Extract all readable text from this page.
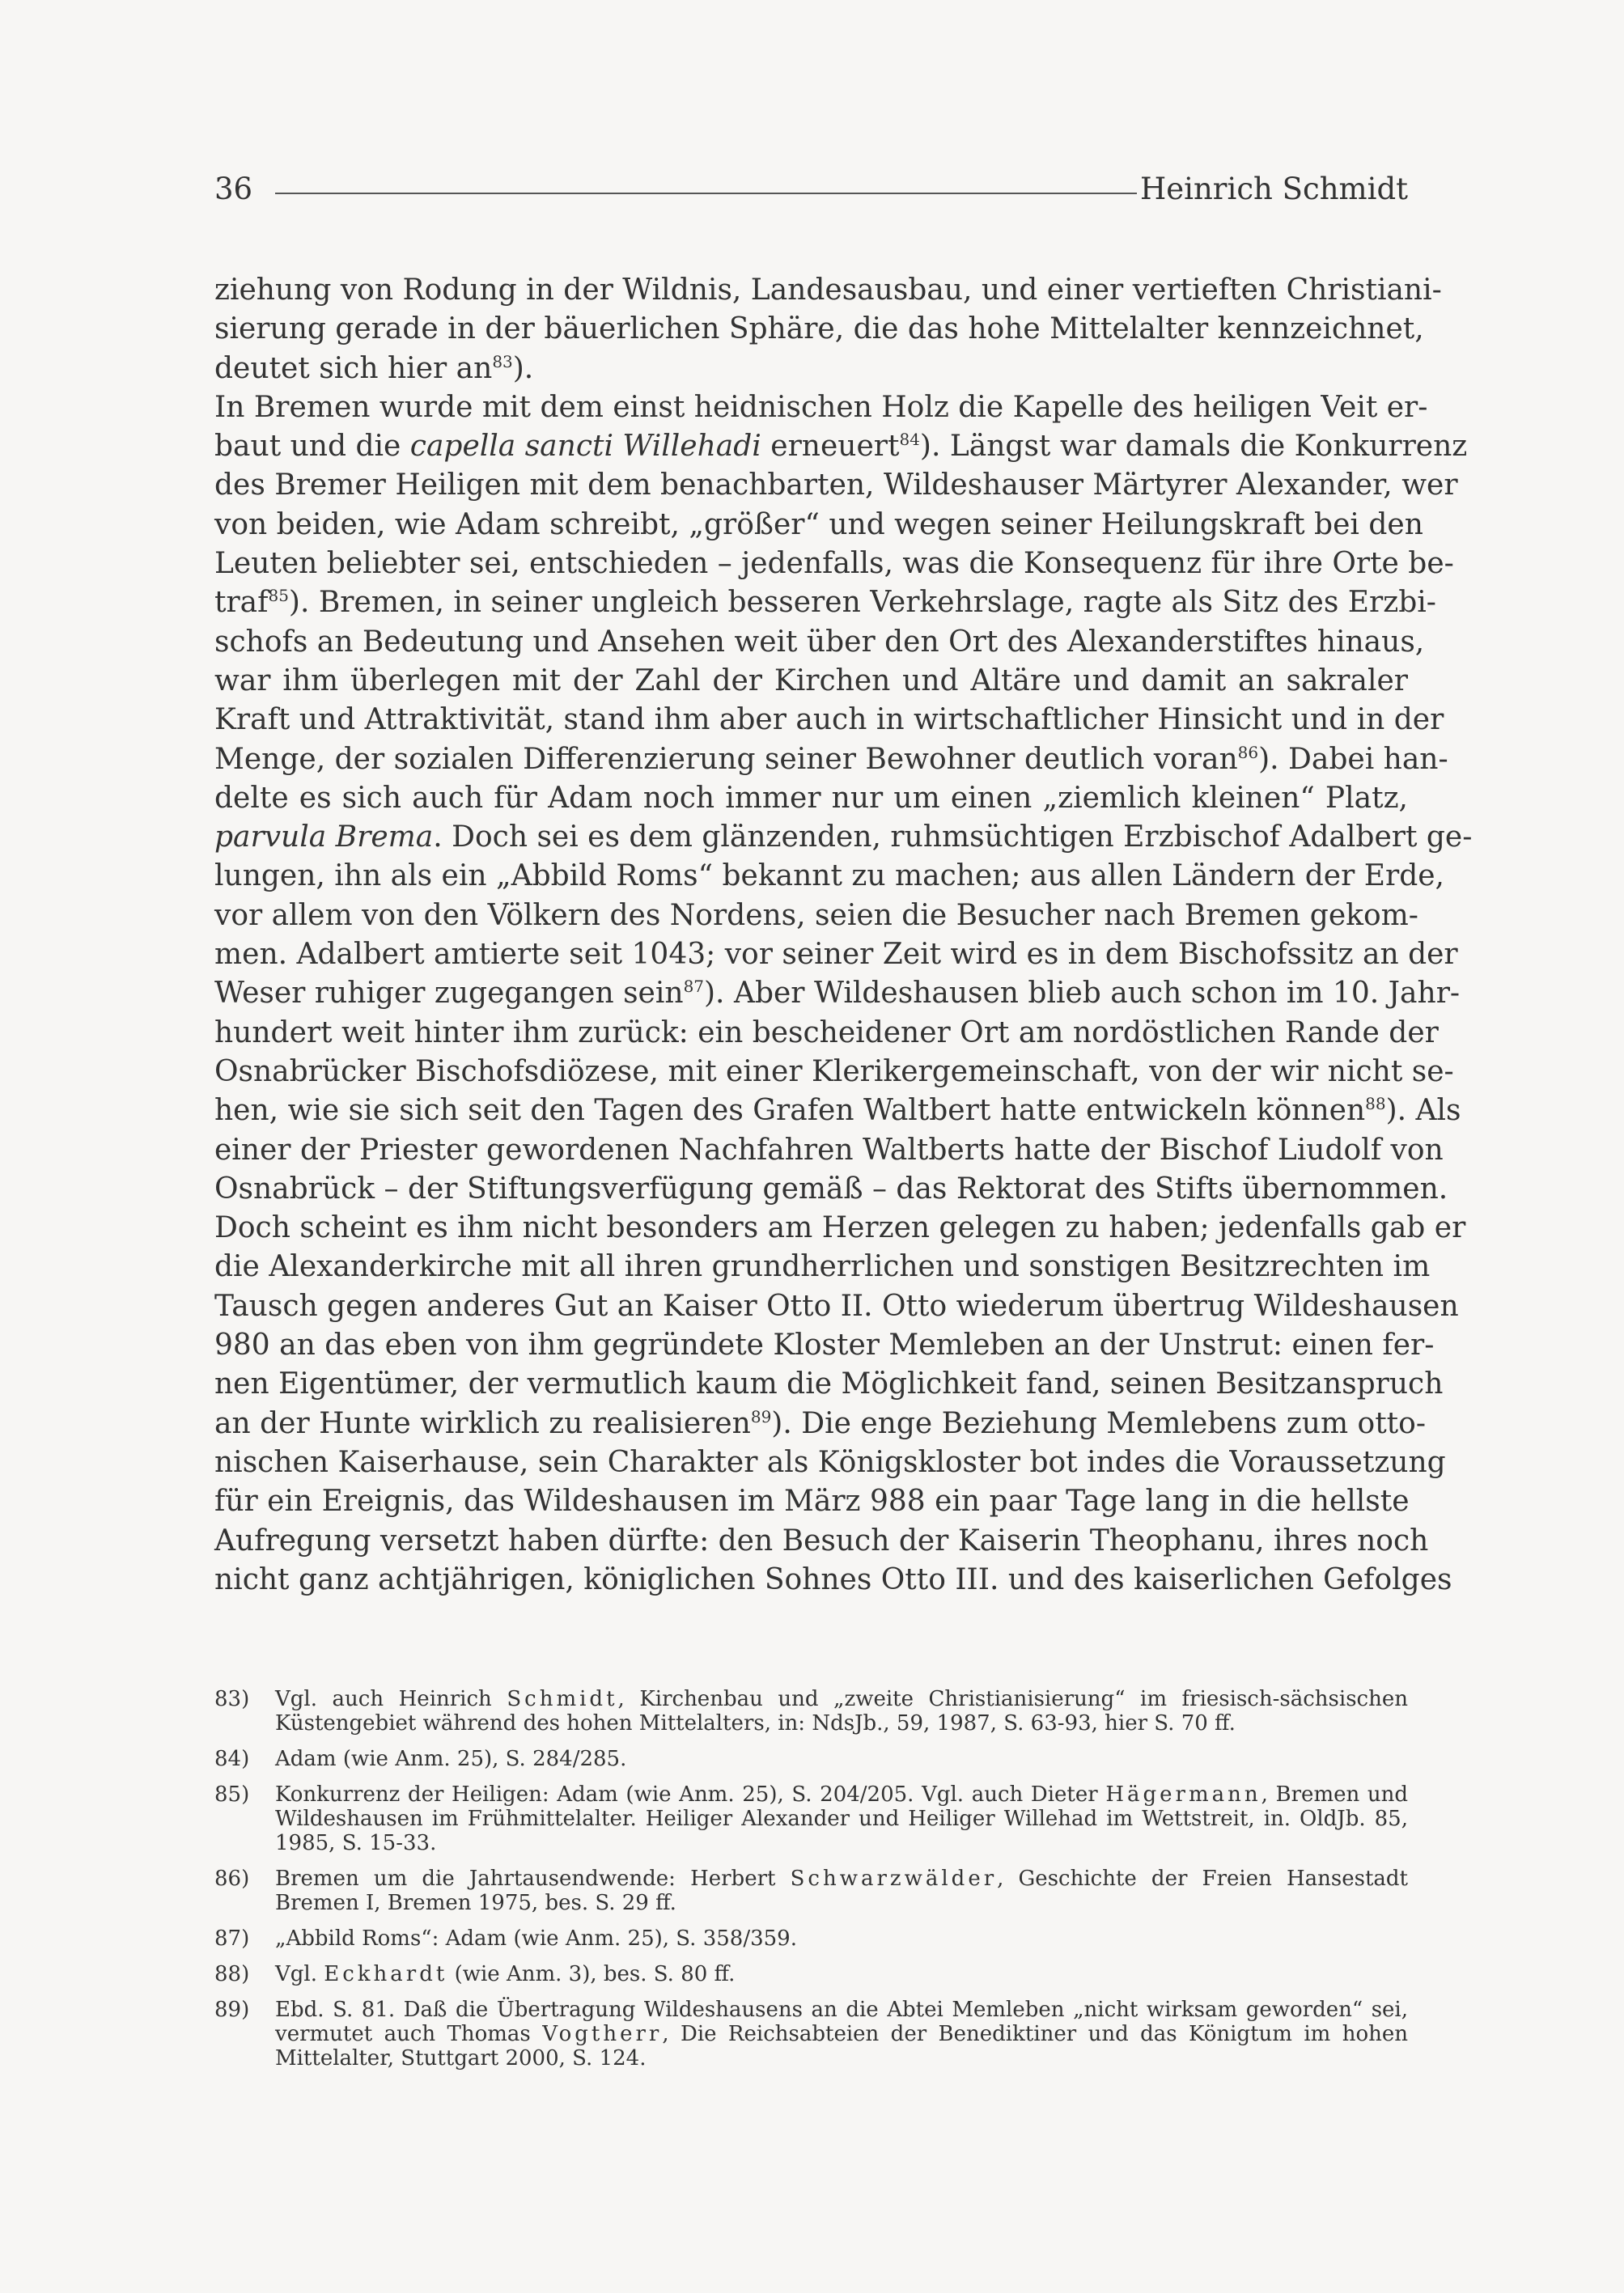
36	Heinrich Schmidt

ziehung von Rodung in der Wildnis, Landesausbau, und einer vertieften Christiani-
sierung gerade in der bäuerlichen Sphäre, die das hohe Mittelalter kennzeichnet,
deutet sich hier $an^{83}$).

In Bremen wurde mit dem einst heidnischen Holz die Kapelle des heiligen Veit er-
baut und die capella sancti Willehadi erneuert$^{84}$). Längst war damals die Konkurrenz
des Bremer Heiligen mit dem benachbarten, Wildeshauser Märtyrer Alexander, wer
von beiden, wie Adam schreibt, „größer“ und wegen seiner Heilungskraft bei den
Leuten beliebter sei, entschieden – jedenfalls, was die Konsequenz für ihre Orte be-
traf$^{85}$). Bremen, in seiner ungleich besseren Verkehrslage, ragte als Sitz des Erzbi-
schofs an Bedeutung und Ansehen weit über den Ort des Alexanderstiftes hinaus,
war ihm überlegen mit der Zahl der Kirchen und Altäre und damit an sakraler
Kraft und Attraktivität, stand ihm aber auch in wirtschaftlicher Hinsicht und in der
Menge, der sozialen Differenzierung seiner Bewohner deutlich voran$^{86}$). Dabei han-
delte es sich auch für Adam noch immer nur um einen „ziemlich kleinen“ Platz,
parvula Brema. Doch sei es dem glänzenden, ruhmsüchtigen Erzbischof Adalbert ge-
lungen, ihn als ein „Abbild Roms“ bekannt zu machen; aus allen Ländern der Erde,
vor allem von den Völkern des Nordens, seien die Besucher nach Bremen gekom-
men. Adalbert amtierte seit 1043; vor seiner Zeit wird es in dem Bischofssitz an der
Weser ruhiger zugegangen sein$^{87}$). Aber Wildeshausen blieb auch schon im 10. Jahr-
hundert weit hinter ihm zurück: ein bescheidener Ort am nordöstlichen Rande der
Osnabrücker Bischofsdiözese, mit einer Klerikergemeinschaft, von der wir nicht se-
hen, wie sie sich seit den Tagen des Grafen Waltbert hatte entwickeln können$^{88}$). Als
einer der Priester gewordenen Nachfahren Waltberts hatte der Bischof Liudolf von
Osnabrück – der Stiftungsverfügung gemäß – das Rektorat des Stifts übernommen.
Doch scheint es ihm nicht besonders am Herzen gelegen zu haben; jedenfalls gab er
die Alexanderkirche mit all ihren grundherrlichen und sonstigen Besitzrechten im
Tausch gegen anderes Gut an Kaiser Otto II. Otto wiederum übertrug Wildeshausen
980 an das eben von ihm gegründete Kloster Memleben an der Unstrut: einen fer-
nen Eigentümer, der vermutlich kaum die Möglichkeit fand, seinen Besitzanspruch
an der Hunte wirklich zu realisieren$^{89}$). Die enge Beziehung Memlebens zum otto-
nischen Kaiserhause, sein Charakter als Königskloster bot indes die Voraussetzung
für ein Ereignis, das Wildeshausen im März 988 ein paar Tage lang in die hellste
Aufregung versetzt haben dürfte: den Besuch der Kaiserin Theophanu, ihres noch
nicht ganz achtjährigen, königlichen Sohnes Otto III. und des kaiserlichen Gefolges

83) Vgl. auch Heinrich Schmidt, Kirchenbau und „zweite Christianisierung“ im friesisch-sächsischen Küstengebiet während des hohen Mittelalters, in: NdsJb., 59, 1987, S. 63-93, hier S. 70 ff.
84) Adam (wie Anm. 25), S. 284/285.
85) Konkurrenz der Heiligen: Adam (wie Anm. 25), S. 204/205. Vgl. auch Dieter Hägermann, Bremen und Wildeshausen im Frühmittelalter. Heiliger Alexander und Heiliger Willehad im Wettstreit, in. OldJb. 85, 1985, S. 15-33.
86) Bremen um die Jahrtausendwende: Herbert Schwarzwälder, Geschichte der Freien Hansestadt Bremen I, Bremen 1975, bes. S. 29 ff.
87) „Abbild Roms“: Adam (wie Anm. 25), S. 358/359.
88) Vgl. Eckhardt (wie Anm. 3), bes. S. 80 ff.
89) Ebd. S. 81. Daß die Übertragung Wildeshausens an die Abtei Memleben „nicht wirksam geworden“ sei, vermutet auch Thomas Vogtherr, Die Reichsabteien der Benediktiner und das Königtum im hohen Mittelalter, Stuttgart 2000, S. 124.
